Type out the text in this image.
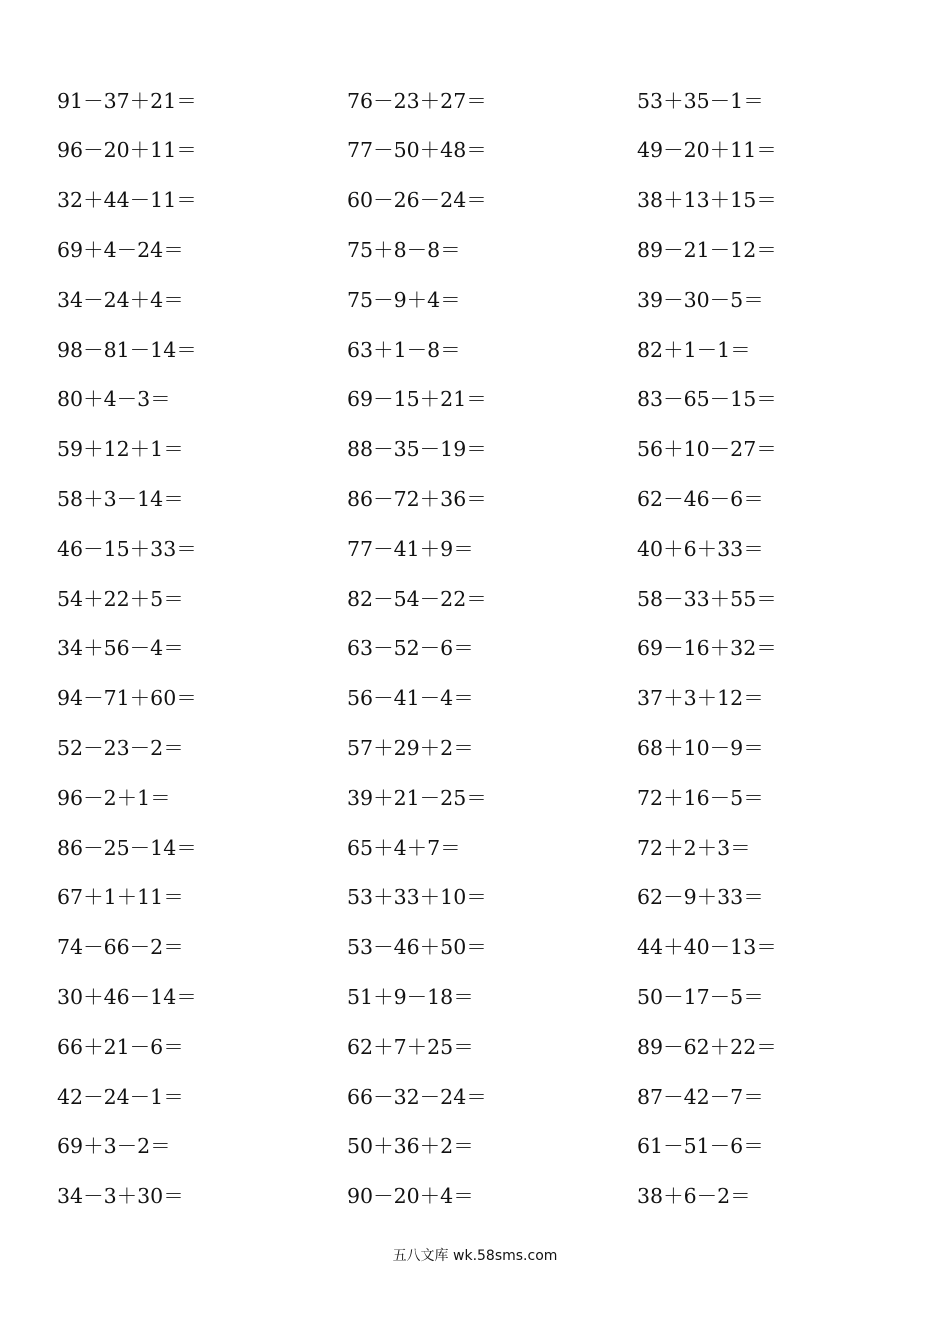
91－37＋21＝	76－23＋27＝	53＋35－1＝
96－20＋11＝	77－50＋48＝	49－20＋11＝
32＋44－11＝	60－26－24＝	38＋13＋15＝
69＋4－24＝	75＋8－8＝	89－21－12＝
34－24＋4＝	75－9＋4＝	39－30－5＝
98－81－14＝	63＋1－8＝	82＋1－1＝
80＋4－3＝	69－15＋21＝	83－65－15＝
59＋12＋1＝	88－35－19＝	56＋10－27＝
58＋3－14＝	86－72＋36＝	62－46－6＝
46－15＋33＝	77－41＋9＝	40＋6＋33＝
54＋22＋5＝	82－54－22＝	58－33＋55＝
34＋56－4＝	63－52－6＝	69－16＋32＝
94－71＋60＝	56－41－4＝	37＋3＋12＝
52－23－2＝	57＋29＋2＝	68＋10－9＝
96－2＋1＝	39＋21－25＝	72＋16－5＝
86－25－14＝	65＋4＋7＝	72＋2＋3＝
67＋1＋11＝	53＋33＋10＝	62－9＋33＝
74－66－2＝	53－46＋50＝	44＋40－13＝
30＋46－14＝	51＋9－18＝	50－17－5＝
66＋21－6＝	62＋7＋25＝	89－62＋22＝
42－24－1＝	66－32－24＝	87－42－7＝
69＋3－2＝	50＋36＋2＝	61－51－6＝
34－3＋30＝	90－20＋4＝	38＋6－2＝
五八文库 wk.58sms.com
